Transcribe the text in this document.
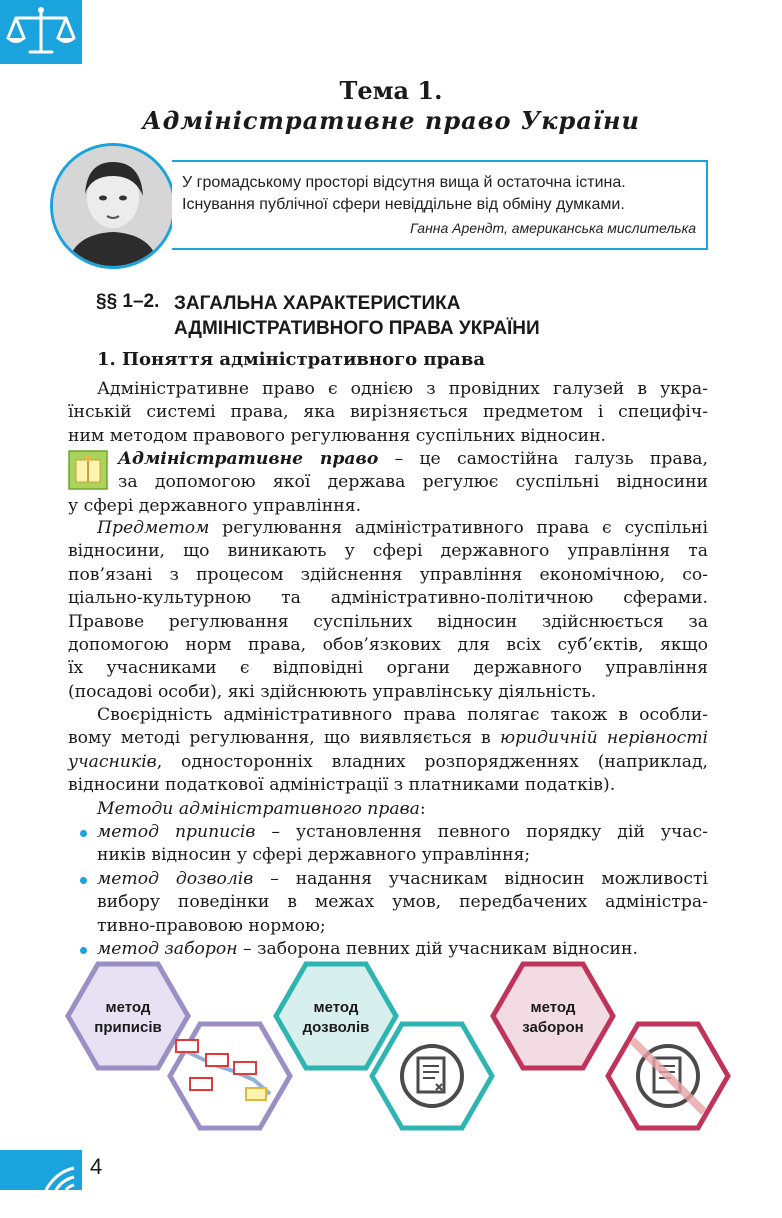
Тема 1.
Адміністративне право України
У громадському просторі відсутня вища й остаточна істина.
Існування публічної сфери невіддільне від обміну думками.
Ганна Арендт, американська мислителька
§§ 1–2. ЗАГАЛЬНА ХАРАКТЕРИСТИКА
АДМІНІСТРАТИВНОГО ПРАВА УКРАЇНИ
1. Поняття адміністративного права

Адміністративне право є однією з провідних галузей в укра-

їнській системі права, яка вирізняється предметом і специфіч-

ним методом правового регулювання суспільних відносин.

Адміністративне право – це самостійна галузь права,

за допомогою якої держава регулює суспільні відносини

у сфері державного управління.

Предметом регулювання адміністративного права є суспільні

відносини, що виникають у сфері державного управління та

пов’язані з процесом здійснення управління економічною, со-

ціально-культурною та адміністративно-політичною сферами.

Правове регулювання суспільних відносин здійснюється за

допомогою норм права, обов’язкових для всіх суб’єктів, якщо

їх учасниками є відповідні органи державного управління

(посадові особи), які здійснюють управлінську діяльність.

Своєрідність адміністративного права полягає також в особли-

вому методі регулювання, що виявляється в юридичній нерівності

учасників, односторонніх владних розпорядженнях (наприклад,

відносини податкової адміністрації з платниками податків).

Методи адміністративного права:

метод приписів – установлення певного порядку дій учас-

ників відносин у сфері державного управління;

метод дозволів – надання учасникам відносин можливості

вибору поведінки в межах умов, передбачених адміністра-

тивно-правовою нормою;

метод заборон – заборона певних дій учасникам відносин.

метод
приписів
метод
дозволів
метод
заборон
4
